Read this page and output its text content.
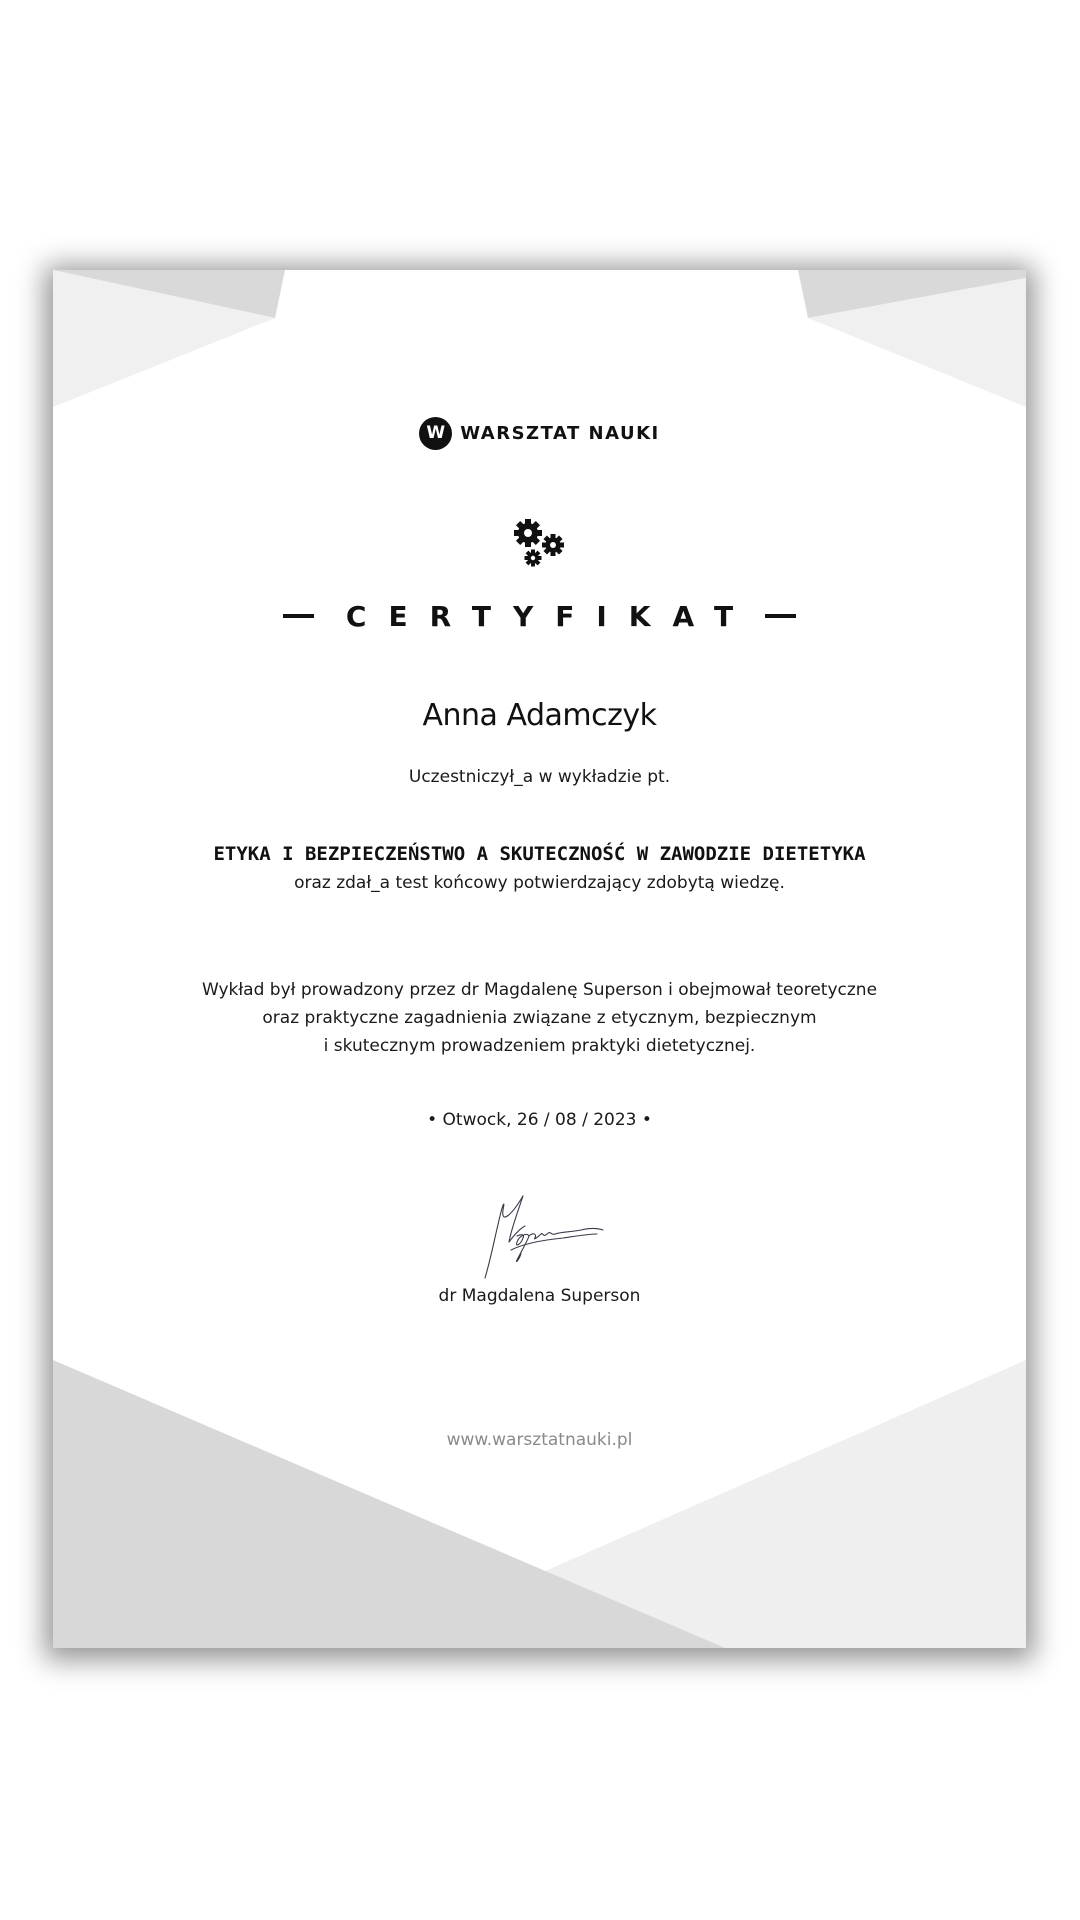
W WARSZTAT NAUKI
CERTYFIKAT
Anna Adamczyk
Uczestniczył_a w wykładzie pt.
ETYKA I BEZPIECZEŃSTWO A SKUTECZNOŚĆ W ZAWODZIE DIETETYKA
oraz zdał_a test końcowy potwierdzający zdobytą wiedzę.
Wykład był prowadzony przez dr Magdalenę Superson i obejmował teoretyczne
oraz praktyczne zagadnienia związane z etycznym, bezpiecznym
i skutecznym prowadzeniem praktyki dietetycznej.
• Otwock, 26 / 08 / 2023 •
dr Magdalena Superson
www.warsztatnauki.pl
